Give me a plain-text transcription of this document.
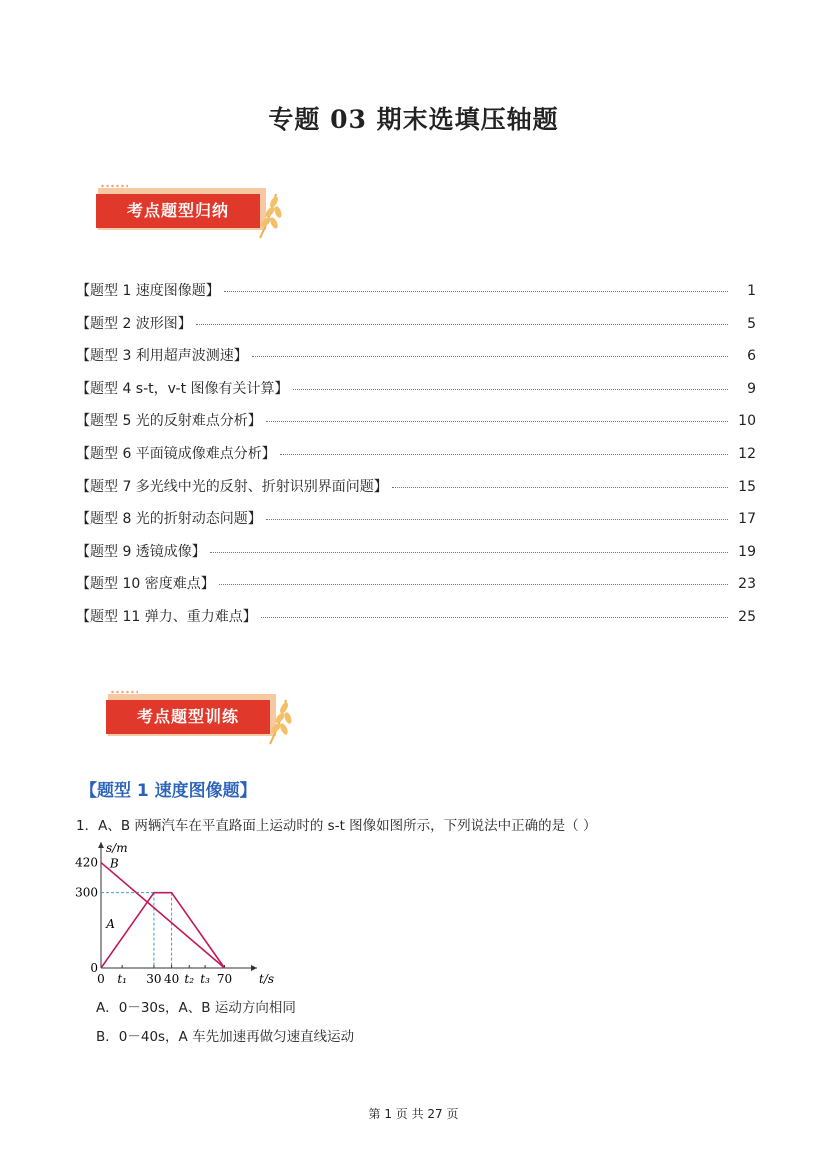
专题 03 期末选填压轴题
考点题型归纳
【题型 1 速度图像题】	1
【题型 2 波形图】	5
【题型 3 利用超声波测速】	6
【题型 4 s-t，v-t 图像有关计算】	9
【题型 5 光的反射难点分析】	10
【题型 6 平面镜成像难点分析】	12
【题型 7 多光线中光的反射、折射识别界面问题】	15
【题型 8 光的折射动态问题】	17
【题型 9 透镜成像】	19
【题型 10 密度难点】	23
【题型 11 弹力、重力难点】	25
考点题型训练
【题型 1 速度图像题】
1．A、B 两辆汽车在平直路面上运动时的 s-t 图像如图所示，下列说法中正确的是（ ）
s/m
t/s
420
300
0
0 t₁ 30 40 t₂ t₃ 70
B
A
A．0－30s，A、B 运动方向相同
B．0－40s，A 车先加速再做匀速直线运动
第 1 页 共 27 页
